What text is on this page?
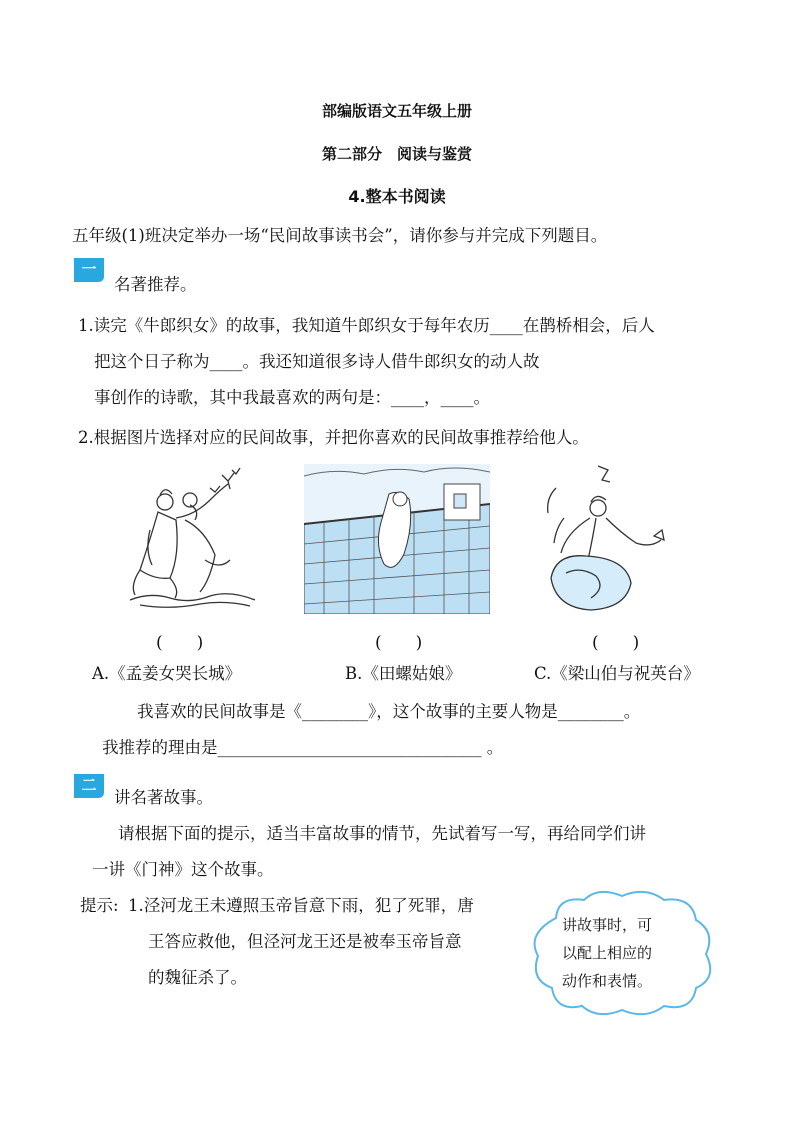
部编版语文五年级上册
第二部分　阅读与鉴赏
4.整本书阅读
五年级(1)班决定举办一场“民间故事读书会”，请你参与并完成下列题目。
一
名著推荐。
1.读完《牛郎织女》的故事，我知道牛郎织女于每年农历____在鹊桥相会，后人
把这个日子称为____。我还知道很多诗人借牛郎织女的动人故
事创作的诗歌，其中我最喜欢的两句是：____，____。
2.根据图片选择对应的民间故事，并把你喜欢的民间故事推荐给他人。
(　　)	(　　)	(　　)
A.《孟姜女哭长城》	B.《田螺姑娘》	C.《梁山伯与祝英台》
我喜欢的民间故事是《________》，这个故事的主要人物是________。
我推荐的理由是________________________________ 。
二
讲名著故事。
请根据下面的提示，适当丰富故事的情节，先试着写一写，再给同学们讲
一讲《门神》这个故事。
提示: 1.泾河龙王未遵照玉帝旨意下雨，犯了死罪，唐
王答应救他，但泾河龙王还是被奉玉帝旨意
的魏征杀了。
讲故事时，可
以配上相应的
动作和表情。
